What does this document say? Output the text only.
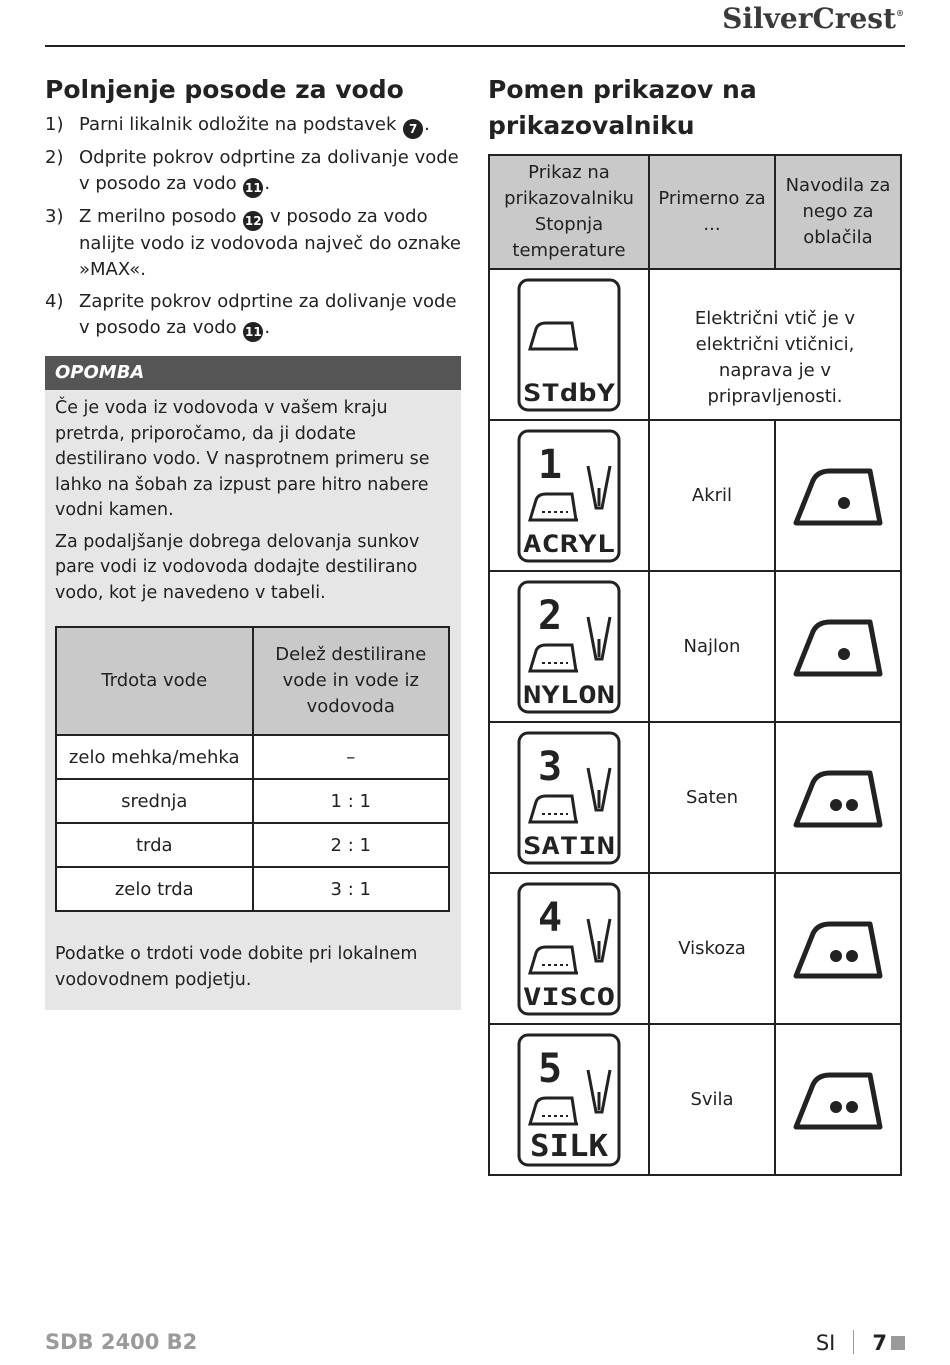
SilverCrest®
Polnjenje posode za vodo
1) Parni likalnik odložite na podstavek 7 .
2) Odprite pokrov odprtine za dolivanje vode v posodo za vodo 11 .
3) Z merilno posodo 12 v posodo za vodo nalijte vodo iz vodovoda največ do oznake »MAX«.
4) Zaprite pokrov odprtine za dolivanje vode v posodo za vodo 11 .
OPOMBA

Če je voda iz vodovoda v vašem kraju pretrda, priporočamo, da ji dodate destilirano vodo. V nasprotnem primeru se lahko na šobah za izpust pare hitro nabere vodni kamen.

Za podaljšanje dobrega delovanja sunkov pare vodi iz vodovoda dodajte destilirano vodo, kot je navedeno v tabeli.

Trdota vode	Delež destilirane vode in vode iz vodovoda
zelo mehka/mehka	–
srednja	1 : 1
trda	2 : 1
zelo trda	3 : 1

Podatke o trdoti vode dobite pri lokalnem vodovodnem podjetju.

Pomen prikazov na prikazovalniku
Prikaz na prikazovalniku Stopnja temperature	Primerno za ...	Navodila za nego za oblačila

STdbY	Električni vtič je v električni vtičnici, naprava je v pripravljenosti.	

1
ACRYL	Akril	

2
NYLON	Najlon	

3
SATIN	Saten	

4
VISCO	Viskoza	

5
SILK	Svila	
SDB 2400 B2	SI 7
